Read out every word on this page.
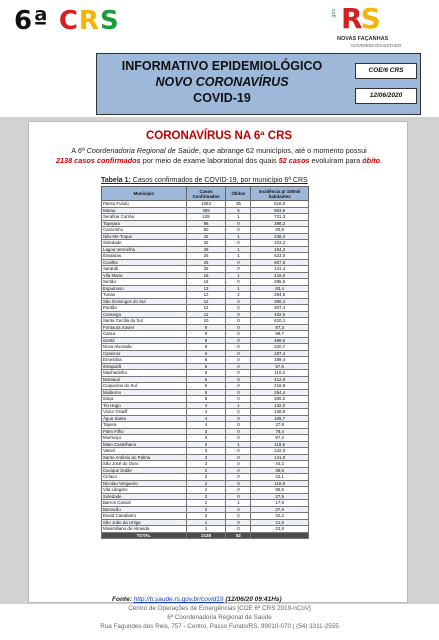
6ª CRS	gov RS
NOVAS FAÇANHAS
GOVERNO DO ESTADO
INFORMATIVO EPIDEMIOLÓGICO
NOVO CORONAVÍRUS
COVID-19
COE/6 CRS
12/06/2020
CORONAVÍRUS NA 6ª CRS
A 6ª Coordenadoria Regional de Saúde, que abrange 62 municípios, até o momento possui
2138 casos confirmados por meio de exame laboratorial dos quais 52 casos evoluíram para óbito.
Tabela 1: Casos confirmados de COVID-19, por município 6ª CRS
Município	Casos Confirmados	Óbitos	Incidência p/ 100mil habitantes
Passo Fundo	1053	35	518,0
Marau	399	5	903,5
Serafina Corrêa	128	1	731,3
Tapejara	96	0	398,2
Carazinho	50	0	80,5
Não-Me-Toque	42	1	238,3
Soledade	32	0	103,2
Lagoa Vermelha	28	1	104,3
Ibiraiaras	25	1	623,0
Coxilha	25	0	907,5
Sarandi	25	0	141,4
Vila Maria	18	1	416,0
Sertão	16	0	295,5
Espumoso	13	1	83,4
Tunas	12	2	284,5
São Domingos do Sul	12	0	390,4
Pontão	12	0	307,4
Camargo	11	0	402,5
Santa Cecília do Sul	10	0	610,1
Fontoura Xavier	9	0	87,3
Casca	9	0	99,7
Gentil	8	0	489,6
Nova Alvorada	8	0	220,7
Caseiros	6	0	187,4
Ernestina	6	0	189,4
Ibirapuitã	6	0	57,6
Machadinho	6	0	110,2
Montauri	6	0	412,9
Coqueiros do Sul	5	0	216,8
Muliterno	5	0	264,4
Itaiça	5	0	306,2
Tio Hugo	4	1	132,0
Victor Graeff	4	0	138,8
Água Santa	4	0	106,7
Tapera	4	0	37,8
Palm Filho	3	0	78,4
Mormaço	3	0	97,2
Mato Castelhano	3	1	118,5
Vanini	3	0	142,0
Santo Antônio do Palma	3	0	141,0
São José do Ouro	3	0	44,3
Cacique Doble	2	0	39,5
Ciríaco	2	0	42,1
Nicolau Vergueiro	2	0	118,9
Vila Lângaro	2	0	95,6
Soledade	2	0	27,5
Barros Cassal	2	1	17,9
Barracão	2	0	37,9
David Canabarro	2	0	42,2
São João da Urtiga	1	0	21,5
Maximiliano de Almeida	1	0	22,8
TOTAL	2138	52	
Fonte: http://ti.saude.rs.gov.br/covid19 (12/06/20 09:41Hs)
Centro de Operações de Emergências [COE 6ª CRS 2019-nCoV]
6ª Coordenadoria Regional de Saúde
Rua Fagundes dos Reis, 757 - Centro, Passo Fundo/RS, 99010-070 | (54) 3311-2555
